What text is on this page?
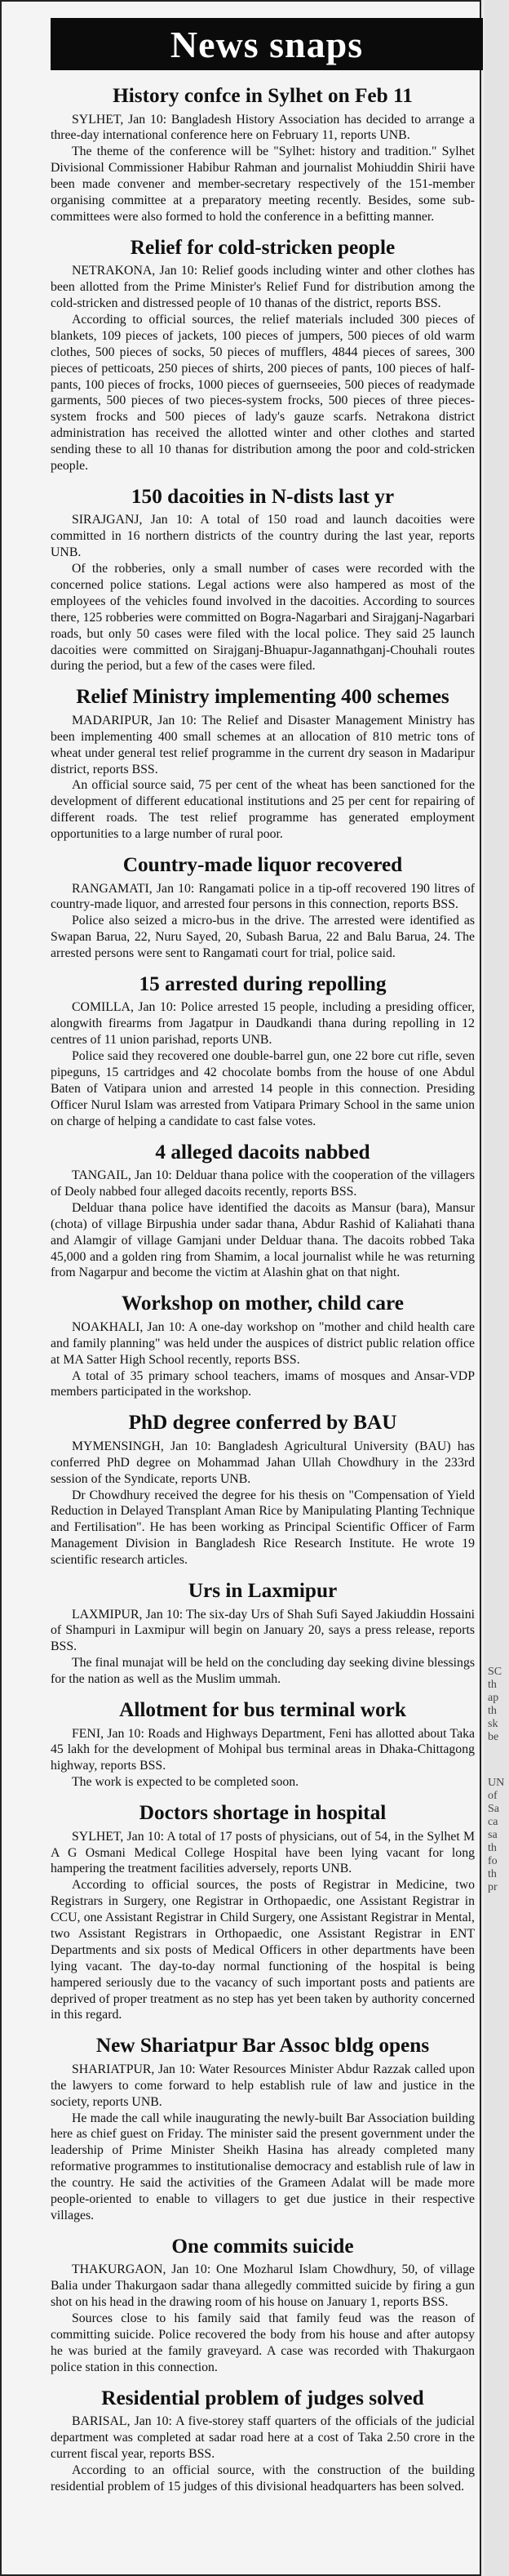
News snaps
History confce in Sylhet on Feb 11

SYLHET, Jan 10: Bangladesh History Association has decided to arrange a three-day international conference here on February 11, reports UNB.

The theme of the conference will be "Sylhet: history and tradition." Sylhet Divisional Commissioner Habibur Rahman and journalist Mohiuddin Shirii have been made convener and member-secretary respectively of the 151-member organising committee at a preparatory meeting recently. Besides, some sub-committees were also formed to hold the conference in a befitting manner.

Relief for cold-stricken people

NETRAKONA, Jan 10: Relief goods including winter and other clothes has been allotted from the Prime Minister's Relief Fund for distribution among the cold-stricken and distressed people of 10 thanas of the district, reports BSS.

According to official sources, the relief materials included 300 pieces of blankets, 109 pieces of jackets, 100 pieces of jumpers, 500 pieces of old warm clothes, 500 pieces of socks, 50 pieces of mufflers, 4844 pieces of sarees, 300 pieces of petticoats, 250 pieces of shirts, 200 pieces of pants, 100 pieces of half-pants, 100 pieces of frocks, 1000 pieces of guernseeies, 500 pieces of readymade garments, 500 pieces of two pieces-system frocks, 500 pieces of three pieces-system frocks and 500 pieces of lady's gauze scarfs. Netrakona district administration has received the allotted winter and other clothes and started sending these to all 10 thanas for distribution among the poor and cold-stricken people.

150 dacoities in N-dists last yr

SIRAJGANJ, Jan 10: A total of 150 road and launch dacoities were committed in 16 northern districts of the country during the last year, reports UNB.

Of the robberies, only a small number of cases were recorded with the concerned police stations. Legal actions were also hampered as most of the employees of the vehicles found involved in the dacoities. According to sources there, 125 robberies were committed on Bogra-Nagarbari and Sirajganj-Nagarbari roads, but only 50 cases were filed with the local police. They said 25 launch dacoities were committed on Sirajganj-Bhuapur-Jagannathganj-Chouhali routes during the period, but a few of the cases were filed.

Relief Ministry implementing 400 schemes

MADARIPUR, Jan 10: The Relief and Disaster Management Ministry has been implementing 400 small schemes at an allocation of 810 metric tons of wheat under general test relief programme in the current dry season in Madaripur district, reports BSS.

An official source said, 75 per cent of the wheat has been sanctioned for the development of different educational institutions and 25 per cent for repairing of different roads. The test relief programme has generated employment opportunities to a large number of rural poor.

Country-made liquor recovered

RANGAMATI, Jan 10: Rangamati police in a tip-off recovered 190 litres of country-made liquor, and arrested four persons in this connection, reports BSS.

Police also seized a micro-bus in the drive. The arrested were identified as Swapan Barua, 22, Nuru Sayed, 20, Subash Barua, 22 and Balu Barua, 24. The arrested persons were sent to Rangamati court for trial, police said.

15 arrested during repolling

COMILLA, Jan 10: Police arrested 15 people, including a presiding officer, alongwith firearms from Jagatpur in Daudkandi thana during repolling in 12 centres of 11 union parishad, reports UNB.

Police said they recovered one double-barrel gun, one 22 bore cut rifle, seven pipeguns, 15 cartridges and 42 chocolate bombs from the house of one Abdul Baten of Vatipara union and arrested 14 people in this connection. Presiding Officer Nurul Islam was arrested from Vatipara Primary School in the same union on charge of helping a candidate to cast false votes.

4 alleged dacoits nabbed

TANGAIL, Jan 10: Delduar thana police with the cooperation of the villagers of Deoly nabbed four alleged dacoits recently, reports BSS.

Delduar thana police have identified the dacoits as Mansur (bara), Mansur (chota) of village Birpushia under sadar thana, Abdur Rashid of Kaliahati thana and Alamgir of village Gamjani under Delduar thana. The dacoits robbed Taka 45,000 and a golden ring from Shamim, a local journalist while he was returning from Nagarpur and become the victim at Alashin ghat on that night.

Workshop on mother, child care

NOAKHALI, Jan 10: A one-day workshop on "mother and child health care and family planning" was held under the auspices of district public relation office at MA Satter High School recently, reports BSS.

A total of 35 primary school teachers, imams of mosques and Ansar-VDP members participated in the workshop.

PhD degree conferred by BAU

MYMENSINGH, Jan 10: Bangladesh Agricultural University (BAU) has conferred PhD degree on Mohammad Jahan Ullah Chowdhury in the 233rd session of the Syndicate, reports UNB.

Dr Chowdhury received the degree for his thesis on "Compensation of Yield Reduction in Delayed Transplant Aman Rice by Manipulating Planting Technique and Fertilisation". He has been working as Principal Scientific Officer of Farm Management Division in Bangladesh Rice Research Institute. He wrote 19 scientific research articles.

Urs in Laxmipur

LAXMIPUR, Jan 10: The six-day Urs of Shah Sufi Sayed Jakiuddin Hossaini of Shampuri in Laxmipur will begin on January 20, says a press release, reports BSS.

The final munajat will be held on the concluding day seeking divine blessings for the nation as well as the Muslim ummah.

Allotment for bus terminal work

FENI, Jan 10: Roads and Highways Department, Feni has allotted about Taka 45 lakh for the development of Mohipal bus terminal areas in Dhaka-Chittagong highway, reports BSS.

The work is expected to be completed soon.

Doctors shortage in hospital

SYLHET, Jan 10: A total of 17 posts of physicians, out of 54, in the Sylhet M A G Osmani Medical College Hospital have been lying vacant for long hampering the treatment facilities adversely, reports UNB.

According to official sources, the posts of Registrar in Medicine, two Registrars in Surgery, one Registrar in Orthopaedic, one Assistant Registrar in CCU, one Assistant Registrar in Child Surgery, one Assistant Registrar in Mental, two Assistant Registrars in Orthopaedic, one Assistant Registrar in ENT Departments and six posts of Medical Officers in other departments have been lying vacant. The day-to-day normal functioning of the hospital is being hampered seriously due to the vacancy of such important posts and patients are deprived of proper treatment as no step has yet been taken by authority concerned in this regard.

New Shariatpur Bar Assoc bldg opens

SHARIATPUR, Jan 10: Water Resources Minister Abdur Razzak called upon the lawyers to come forward to help establish rule of law and justice in the society, reports UNB.

He made the call while inaugurating the newly-built Bar Association building here as chief guest on Friday. The minister said the present government under the leadership of Prime Minister Sheikh Hasina has already completed many reformative programmes to institutionalise democracy and establish rule of law in the country. He said the activities of the Grameen Adalat will be made more people-oriented to enable to villagers to get due justice in their respective villages.

One commits suicide

THAKURGAON, Jan 10: One Mozharul Islam Chowdhury, 50, of village Balia under Thakurgaon sadar thana allegedly committed suicide by firing a gun shot on his head in the drawing room of his house on January 1, reports BSS.

Sources close to his family said that family feud was the reason of committing suicide. Police recovered the body from his house and after autopsy he was buried at the family graveyard. A case was recorded with Thakurgaon police station in this connection.

Residential problem of judges solved

BARISAL, Jan 10: A five-storey staff quarters of the officials of the judicial department was completed at sadar road here at a cost of Taka 2.50 crore in the current fiscal year, reports BSS.

According to an official source, with the construction of the building residential problem of 15 judges of this divisional headquarters has been solved.

SC
th
ap
th
sk
be
UN
of
Sa
ca
sa
th
fo
th
pr
